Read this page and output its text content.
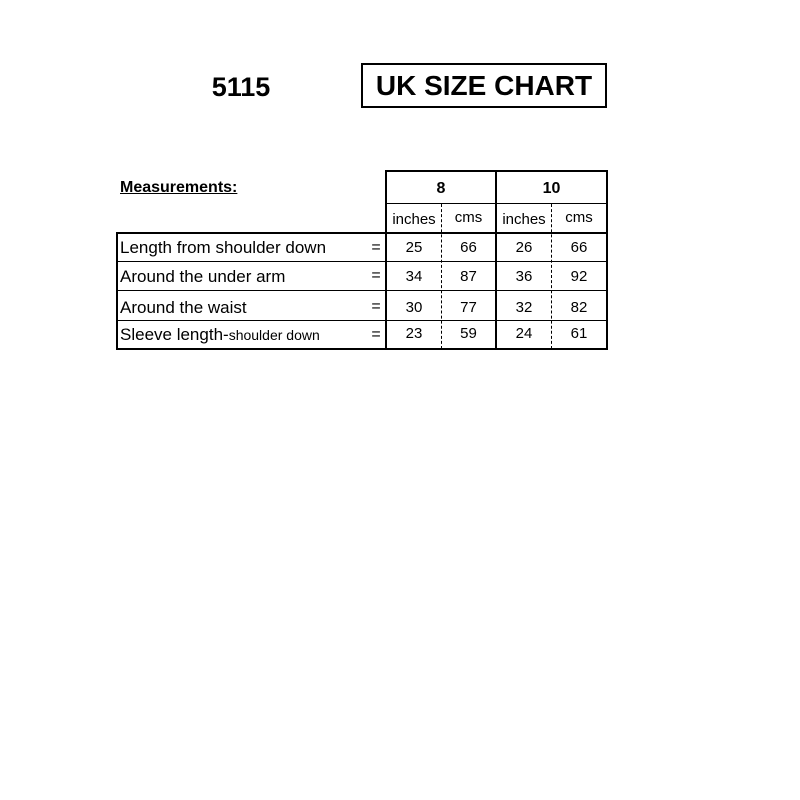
5115	UK SIZE CHART
Measurements:	8	10
inches	cms	inches	cms
Length from shoulder down	=	25	66	26	66
Around the under arm	=	34	87	36	92
Around the waist	=	30	77	32	82
Sleeve length- shoulder down	=	23	59	24	61
